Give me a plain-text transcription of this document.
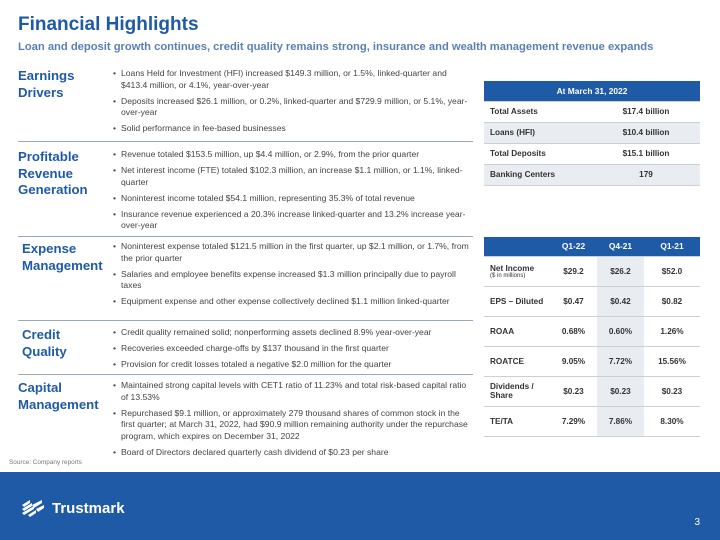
Financial Highlights
Loan and deposit growth continues, credit quality remains strong, insurance and wealth management revenue expands
Earnings Drivers
• Loans Held for Investment (HFI) increased $149.3 million, or 1.5%, linked-quarter and $413.4 million, or 4.1%, year-over-year
• Deposits increased $26.1 million, or 0.2%, linked-quarter and $729.9 million, or 5.1%, year-over-year
• Solid performance in fee-based businesses
Profitable Revenue Generation
• Revenue totaled $153.5 million, up $4.4 million, or 2.9%, from the prior quarter
• Net interest income (FTE) totaled $102.3 million, an increase $1.1 million, or 1.1%, linked-quarter
• Noninterest income totaled $54.1 million, representing 35.3% of total revenue
• Insurance revenue experienced a 20.3% increase linked-quarter and 13.2% increase year-over-year
Expense Management
• Noninterest expense totaled $121.5 million in the first quarter, up $2.1 million, or 1.7%, from the prior quarter
• Salaries and employee benefits expense increased $1.3 million principally due to payroll taxes
• Equipment expense and other expense collectively declined $1.1 million linked-quarter
Credit Quality
• Credit quality remained solid; nonperforming assets declined 8.9% year-over-year
• Recoveries exceeded charge-offs by $137 thousand in the first quarter
• Provision for credit losses totaled a negative $2.0 million for the quarter
Capital Management
• Maintained strong capital levels with CET1 ratio of 11.23% and total risk-based capital ratio of 13.53%
• Repurchased $9.1 million, or approximately 279 thousand shares of common stock in the first quarter; at March 31, 2022, had $90.9 million remaining authority under the repurchase program, which expires on December 31, 2022
• Board of Directors declared quarterly cash dividend of $0.23 per share
At March 31, 2022	
Total Assets	$17.4 billion
Loans (HFI)	$10.4 billion
Total Deposits	$15.1 billion
Banking Centers	179
	Q1-22	Q4-21	Q1-21
Net Income
($ in millions)	$29.2	$26.2	$52.0
EPS – Diluted	$0.47	$0.42	$0.82
ROAA	0.68%	0.60%	1.26%
ROATCE	9.05%	7.72%	15.56%
Dividends / Share	$0.23	$0.23	$0.23
TE/TA	7.29%	7.86%	8.30%
Source: Company reports
Trustmark
3
